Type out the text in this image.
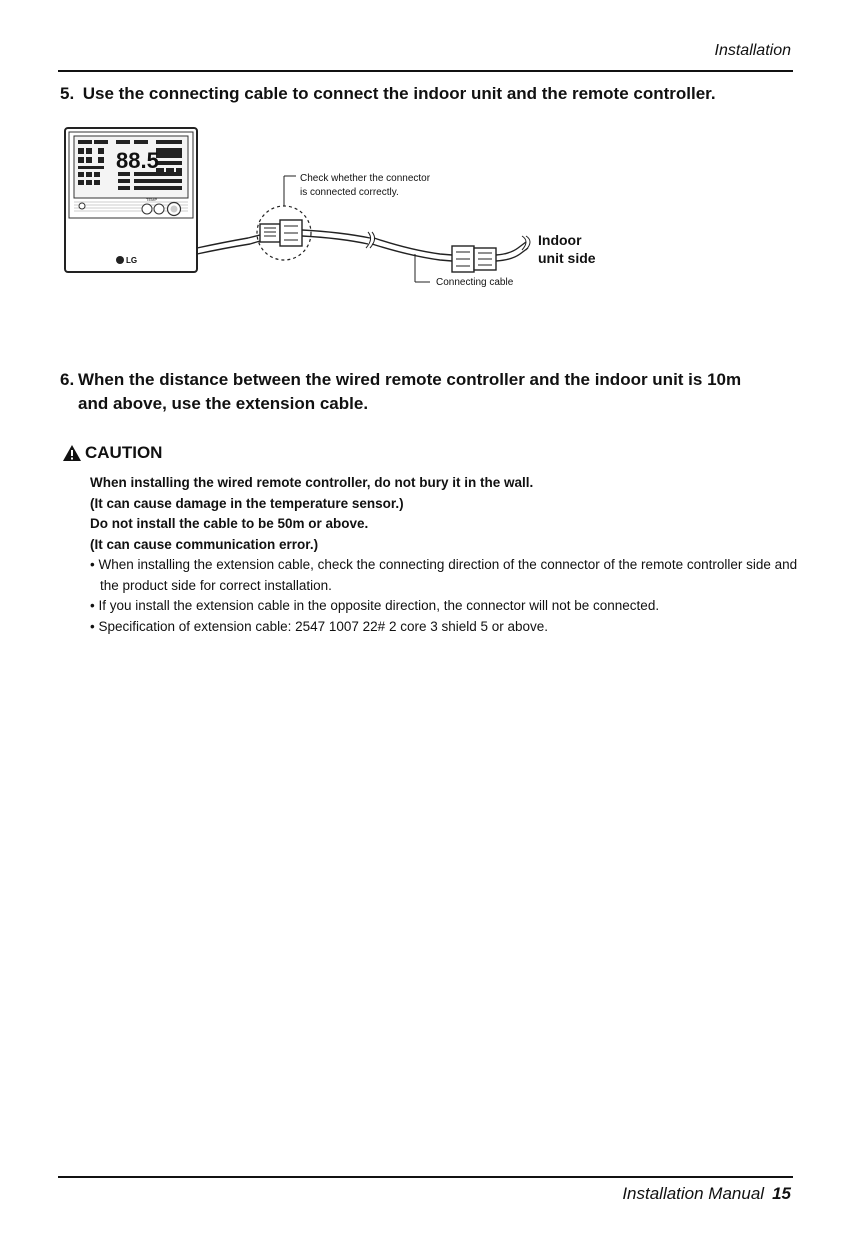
Installation
5. Use the connecting cable to connect the indoor unit and the remote controller.
88.5
TEMP
LG
Check whether the connector
is connected correctly.
Indoor
unit side
Connecting cable
6. When the distance between the wired remote controller and the indoor unit is 10m
and above, use the extension cable.
CAUTION
When installing the wired remote controller, do not bury it in the wall.
(It can cause damage in the temperature sensor.)
Do not install the cable to be 50m or above.
(It can cause communication error.)
• When installing the extension cable, check the connecting direction of the connector of the remote controller side and the product side for correct installation.
• If you install the extension cable in the opposite direction, the connector will not be connected.
• Specification of extension cable: 2547 1007 22# 2 core 3 shield 5 or above.
Installation Manual 15
